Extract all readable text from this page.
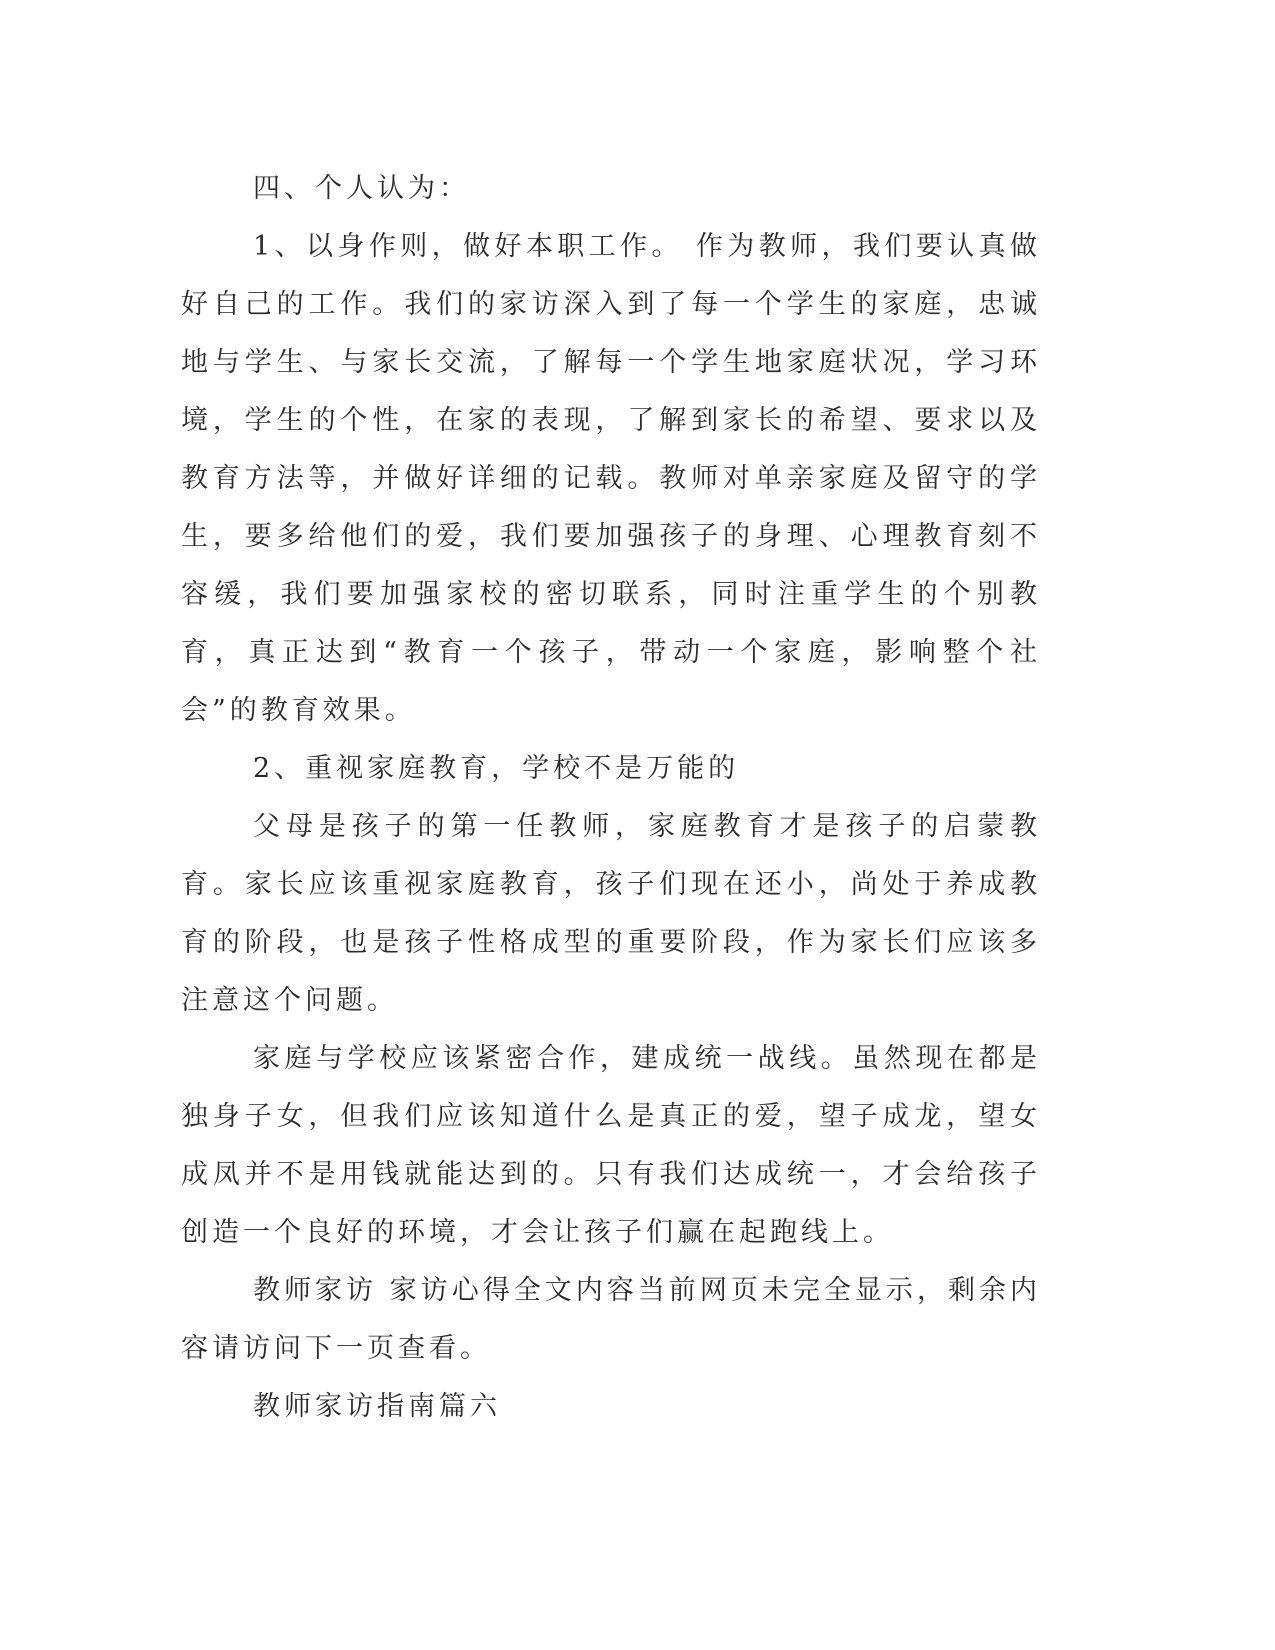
四、个人认为：

1、以身作则，做好本职工作。 作为教师，我们要认真做好自己的工作。我们的家访深入到了每一个学生的家庭，忠诚地与学生、与家长交流，了解每一个学生地家庭状况，学习环境，学生的个性，在家的表现，了解到家长的希望、要求以及教育方法等，并做好详细的记载。教师对单亲家庭及留守的学生，要多给他们的爱，我们要加强孩子的身理、心理教育刻不容缓，我们要加强家校的密切联系，同时注重学生的个别教育，真正达到“教育一个孩子，带动一个家庭，影响整个社会”的教育效果。

2、重视家庭教育，学校不是万能的

父母是孩子的第一任教师，家庭教育才是孩子的启蒙教育。家长应该重视家庭教育，孩子们现在还小，尚处于养成教育的阶段，也是孩子性格成型的重要阶段，作为家长们应该多注意这个问题。

家庭与学校应该紧密合作，建成统一战线。虽然现在都是独身子女，但我们应该知道什么是真正的爱，望子成龙，望女成凤并不是用钱就能达到的。只有我们达成统一，才会给孩子创造一个良好的环境，才会让孩子们赢在起跑线上。

教师家访 家访心得全文内容当前网页未完全显示，剩余内容请访问下一页查看。

教师家访指南篇六
